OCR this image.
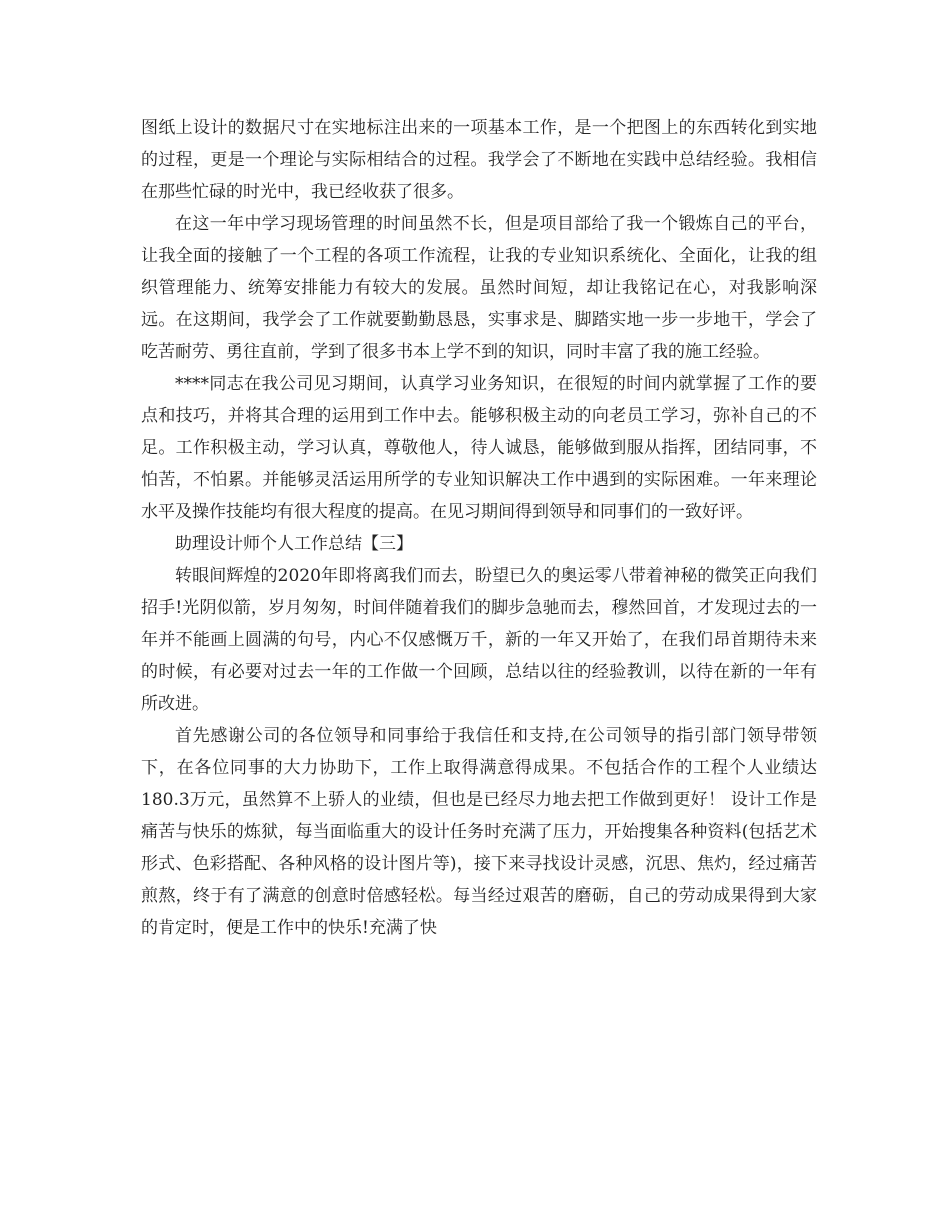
图纸上设计的数据尺寸在实地标注出来的一项基本工作，是一个把图上的东西转化到实地的过程，更是一个理论与实际相结合的过程。我学会了不断地在实践中总结经验。我相信在那些忙碌的时光中，我已经收获了很多。

在这一年中学习现场管理的时间虽然不长，但是项目部给了我一个锻炼自己的平台，让我全面的接触了一个工程的各项工作流程，让我的专业知识系统化、全面化，让我的组织管理能力、统筹安排能力有较大的发展。虽然时间短，却让我铭记在心，对我影响深远。在这期间，我学会了工作就要勤勤恳恳，实事求是、脚踏实地一步一步地干，学会了吃苦耐劳、勇往直前，学到了很多书本上学不到的知识，同时丰富了我的施工经验。

****同志在我公司见习期间，认真学习业务知识，在很短的时间内就掌握了工作的要点和技巧，并将其合理的运用到工作中去。能够积极主动的向老员工学习，弥补自己的不足。工作积极主动，学习认真，尊敬他人，待人诚恳，能够做到服从指挥，团结同事，不怕苦，不怕累。并能够灵活运用所学的专业知识解决工作中遇到的实际困难。一年来理论水平及操作技能均有很大程度的提高。在见习期间得到领导和同事们的一致好评。

助理设计师个人工作总结【三】

转眼间辉煌的2020年即将离我们而去，盼望已久的奥运零八带着神秘的微笑正向我们招手!光阴似箭，岁月匆匆，时间伴随着我们的脚步急驰而去，穆然回首，才发现过去的一年并不能画上圆满的句号，内心不仅感慨万千，新的一年又开始了，在我们昂首期待未来的时候，有必要对过去一年的工作做一个回顾，总结以往的经验教训，以待在新的一年有所改进。

首先感谢公司的各位领导和同事给于我信任和支持,在公司领导的指引部门领导带领下，在各位同事的大力协助下，工作上取得满意得成果。不包括合作的工程个人业绩达 180.3万元，虽然算不上骄人的业绩，但也是已经尽力地去把工作做到更好！ 设计工作是痛苦与快乐的炼狱，每当面临重大的设计任务时充满了压力，开始搜集各种资料(包括艺术形式、色彩搭配、各种风格的设计图片等)，接下来寻找设计灵感，沉思、焦灼，经过痛苦煎熬，终于有了满意的创意时倍感轻松。每当经过艰苦的磨砺，自己的劳动成果得到大家的肯定时，便是工作中的快乐!充满了快
